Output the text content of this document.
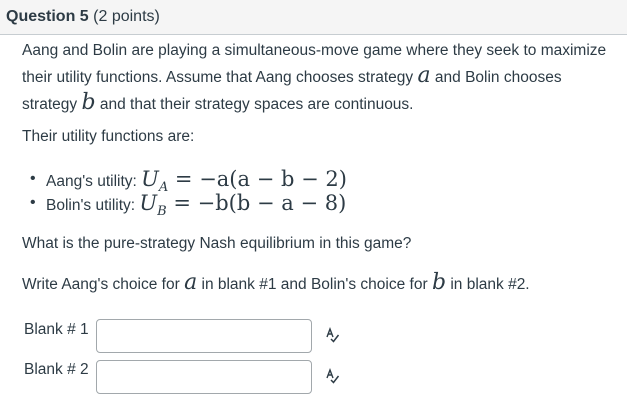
Question 5 (2 points)
Aang and Bolin are playing a simultaneous-move game where they seek to maximize
their utility functions. Assume that Aang chooses strategy a and Bolin chooses
strategy b and that their strategy spaces are continuous.
Their utility functions are:
• Aang's utility: $U_A = -a(a - b - 2)$
• Bolin's utility: $U_B = -b(b - a - 8)$
What is the pure-strategy Nash equilibrium in this game?
Write Aang's choice for a in blank #1 and Bolin's choice for b in blank #2.
Blank # 1
Blank # 2
